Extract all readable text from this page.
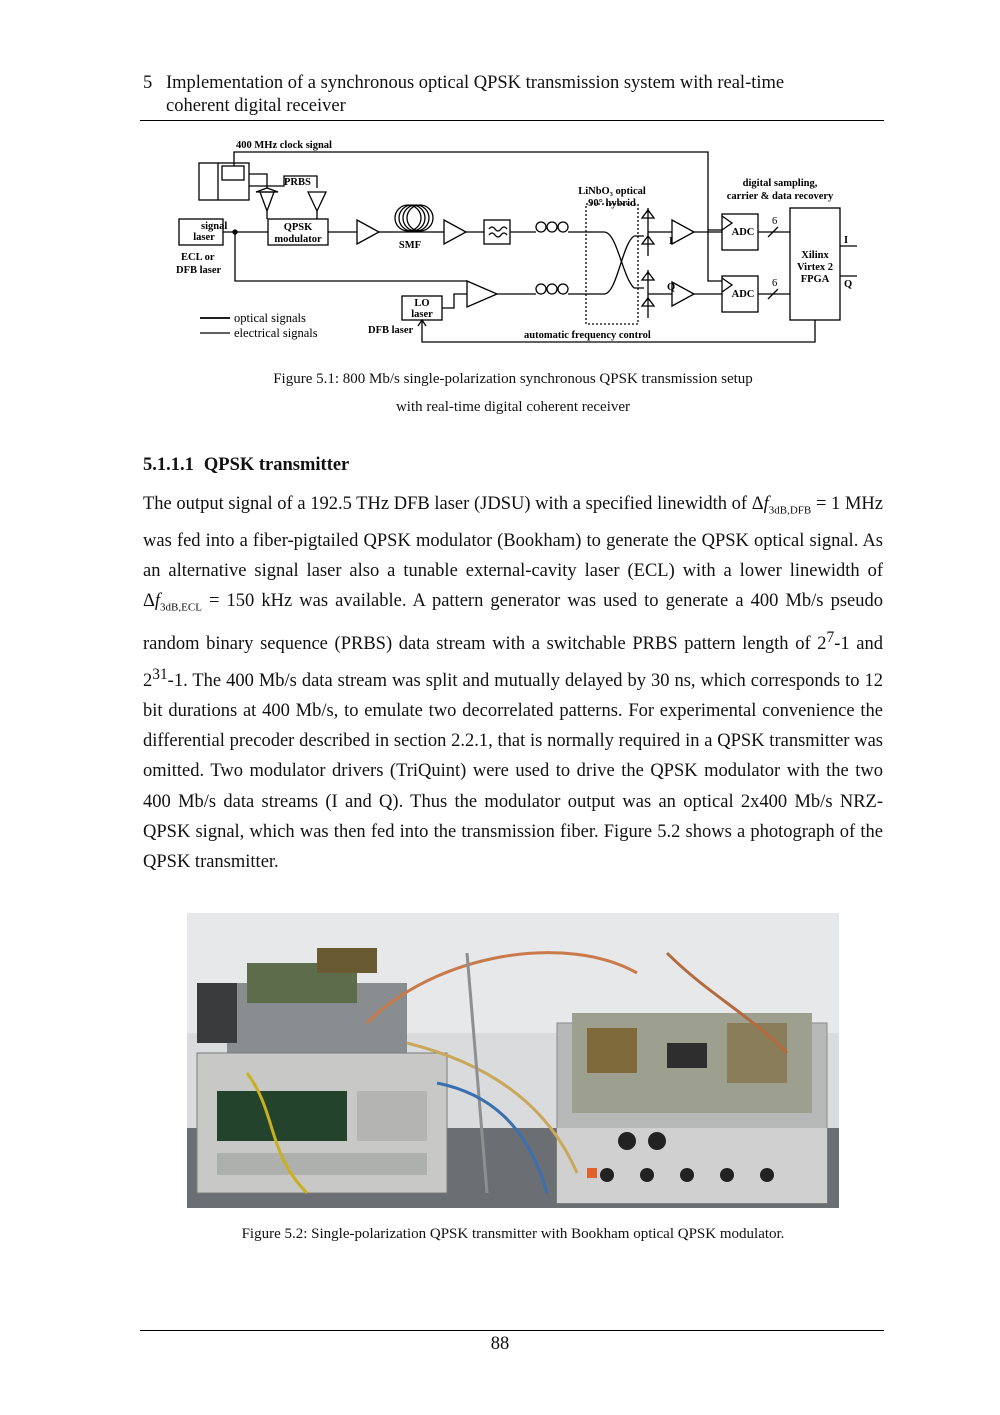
5 Implementation of a synchronous optical QPSK transmission system with real-time
coherent digital receiver
400 MHz clock signal
PRBS
signal
laser
ECL or
DFB laser
QPSK
modulator
SMF
LiNbO₃ optical
90° hybrid
digital sampling,
carrier & data recovery
ADC
ADC
6
6
Xilinx
Virtex 2
FPGA
I
Q
I
Q
LO
laser
DFB laser	automatic frequency control
optical signals
electrical signals
Figure 5.1: 800 Mb/s single-polarization synchronous QPSK transmission setup
with real-time digital coherent receiver
5.1.1.1 QPSK transmitter

The output signal of a 192.5 THz DFB laser (JDSU) with a specified linewidth of $\Delta f_{3dB,DFB} = 1$ MHz was fed into a fiber-pigtailed QPSK modulator (Bookham) to generate the QPSK optical signal. As an alternative signal laser also a tunable external-cavity laser (ECL) with a lower linewidth of $\Delta f_{3dB,ECL} = 150$ kHz was available. A pattern generator was used to generate a 400 Mb/s pseudo random binary sequence (PRBS) data stream with a switchable PRBS pattern length of $2^7-1$ and $2^{31}-1$. The 400 Mb/s data stream was split and mutually delayed by 30 ns, which corresponds to 12 bit durations at 400 Mb/s, to emulate two decorrelated patterns. For experimental convenience the differential precoder described in section 2.2.1, that is normally required in a QPSK transmitter was omitted. Two modulator drivers (TriQuint) were used to drive the QPSK modulator with the two 400 Mb/s data streams (I and Q). Thus the modulator output was an optical 2x400 Mb/s NRZ-QPSK signal, which was then fed into the transmission fiber. Figure 5.2 shows a photograph of the QPSK transmitter.

Figure 5.2: Single-polarization QPSK transmitter with Bookham optical QPSK modulator.
88
